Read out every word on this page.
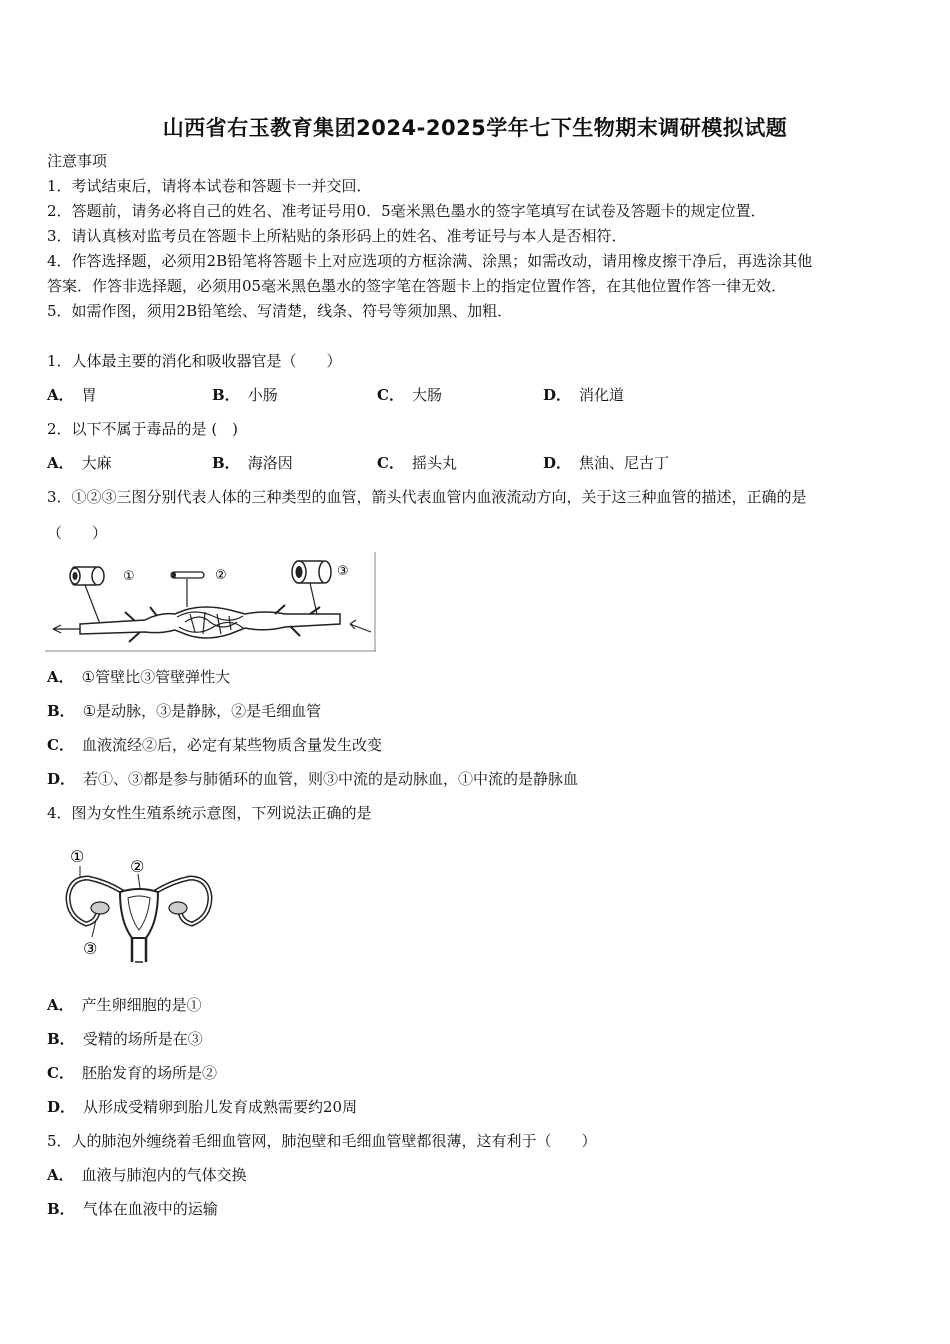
山西省右玉教育集团2024-2025学年七下生物期末调研模拟试题
注意事项
1．考试结束后，请将本试卷和答题卡一并交回．
2．答题前，请务必将自己的姓名、准考证号用0．5毫米黑色墨水的签字笔填写在试卷及答题卡的规定位置．
3．请认真核对监考员在答题卡上所粘贴的条形码上的姓名、准考证号与本人是否相符．
4．作答选择题，必须用2B铅笔将答题卡上对应选项的方框涂满、涂黑；如需改动，请用橡皮擦干净后，再选涂其他
答案．作答非选择题，必须用05毫米黑色墨水的签字笔在答题卡上的指定位置作答，在其他位置作答一律无效．
5．如需作图，须用2B铅笔绘、写清楚，线条、符号等须加黑、加粗．
1．人体最主要的消化和吸收器官是（　　）
A． 胃	B． 小肠	C． 大肠	D． 消化道
2．以下不属于毒品的是 (　)
A． 大麻	B． 海洛因	C． 摇头丸	D． 焦油、尼古丁
3．①②③三图分别代表人体的三种类型的血管，箭头代表血管内血液流动方向，关于这三种血管的描述，正确的是
（　　）
①	②	③
A． ①管壁比③管壁弹性大
B． ①是动脉，③是静脉，②是毛细血管
C． 血液流经②后，必定有某些物质含量发生改变
D． 若①、③都是参与肺循环的血管，则③中流的是动脉血，①中流的是静脉血
4．图为女性生殖系统示意图，下列说法正确的是
①
②
③
A． 产生卵细胞的是①
B． 受精的场所是在③
C． 胚胎发育的场所是②
D． 从形成受精卵到胎儿发育成熟需要约20周
5．人的肺泡外缠绕着毛细血管网，肺泡壁和毛细血管壁都很薄，这有利于（　　）
A． 血液与肺泡内的气体交换
B． 气体在血液中的运输
